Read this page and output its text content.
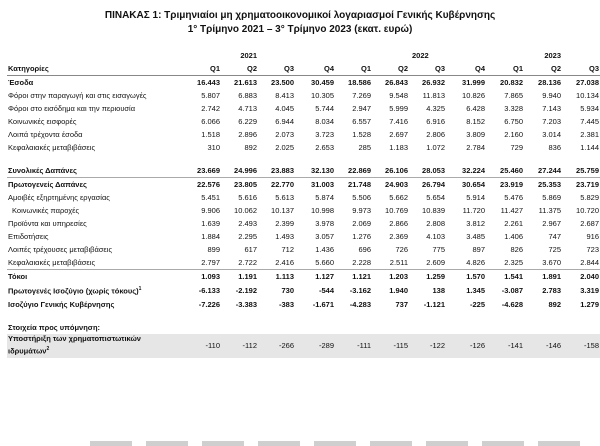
ΠΙΝΑΚΑΣ 1: Τριμηνιαίοι μη χρηματοοικονομικοί λογαριασμοί Γενικής Κυβέρνησης
1° Τρίμηνο 2021 – 3° Τρίμηνο 2023 (εκατ. ευρώ)
		2021					2022			2023	
Κατηγορίες	Q1	Q2	Q3	Q4	Q1	Q2	Q3	Q4	Q1	Q2	Q3
Έσοδα	16.443	21.613	23.500	30.459	18.586	26.843	26.932	31.999	20.832	28.136	27.038
Φόροι στην παραγωγή και στις εισαγωγές	5.807	6.883	8.413	10.305	7.269	9.548	11.813	10.826	7.865	9.940	10.134
Φόροι στο εισόδημα και την περιουσία	2.742	4.713	4.045	5.744	2.947	5.999	4.325	6.428	3.328	7.143	5.934
Κοινωνικές εισφορές	6.066	6.229	6.944	8.034	6.557	7.416	6.916	8.152	6.750	7.203	7.445
Λοιπά τρέχοντα έσοδα	1.518	2.896	2.073	3.723	1.528	2.697	2.806	3.809	2.160	3.014	2.381
Κεφαλαιακές μεταβιβάσεις	310	892	2.025	2.653	285	1.183	1.072	2.784	729	836	1.144

Συνολικές Δαπάνες	23.669	24.996	23.883	32.130	22.869	26.106	28.053	32.224	25.460	27.244	25.759
Πρωτογενείς Δαπάνες	22.576	23.805	22.770	31.003	21.748	24.903	26.794	30.654	23.919	25.353	23.719
Αμοιβές εξηρτημένης εργασίας	5.451	5.616	5.613	5.874	5.506	5.662	5.654	5.914	5.476	5.869	5.829
Κοινωνικές παροχές	9.906	10.062	10.137	10.998	9.973	10.769	10.839	11.720	11.427	11.375	10.720
Προϊόντα και υπηρεσίες	1.639	2.493	2.399	3.978	2.069	2.866	2.808	3.812	2.261	2.967	2.687
Επιδοτήσεις	1.884	2.295	1.493	3.057	1.276	2.369	4.103	3.485	1.406	747	916
Λοιπές τρέχουσες μεταβιβάσεις	899	617	712	1.436	696	726	775	897	826	725	723
Κεφαλαιακές μεταβιβάσεις	2.797	2.722	2.416	5.660	2.228	2.511	2.609	4.826	2.325	3.670	2.844
Τόκοι	1.093	1.191	1.113	1.127	1.121	1.203	1.259	1.570	1.541	1.891	2.040
Πρωτογενές Ισοζύγιο (χωρίς τόκους)$^1$	-6.133	-2.192	730	-544	-3.162	1.940	138	1.345	-3.087	2.783	3.319
Ισοζύγιο Γενικής Κυβέρνησης	-7.226	-3.383	-383	-1.671	-4.283	737	-1.121	-225	-4.628	892	1.279

Στοιχεία προς υπόμνηση:											
Υποστήριξη των χρηματοπιστωτικών ιδρυμάτων$^2$	-110	-112	-266	-289	-111	-115	-122	-126	-141	-146	-158
